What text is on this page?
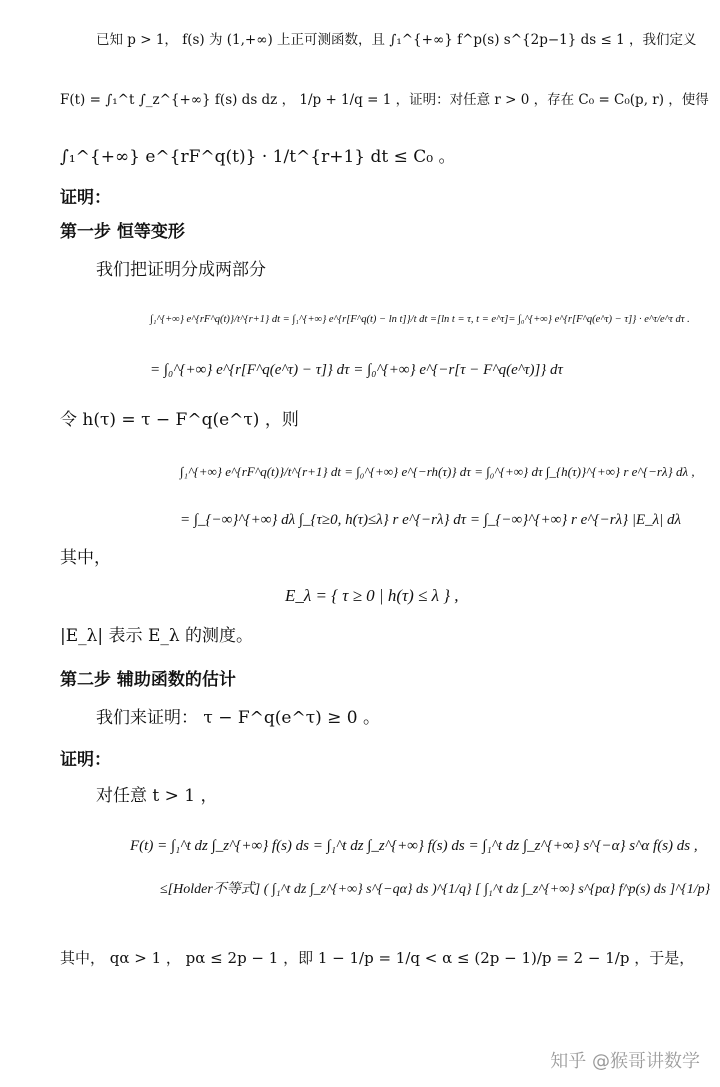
已知 p > 1， f(s) 为 (1,+∞) 上正可测函数，且 ∫₁^{+∞} f^p(s) s^{2p−1} ds ≤ 1 ，我们定义
F(t) = ∫₁^t ∫_z^{+∞} f(s) ds dz ， 1/p + 1/q = 1 ，证明：对任意 r > 0 ，存在 C₀ = C₀(p, r) ，使得
∫₁^{+∞} e^{rF^q(t)} · 1/t^{r+1} dt ≤ C₀ 。
证明：
第一步 恒等变形
我们把证明分成两部分
∫₁^{+∞} e^{rF^q(t)}/t^{r+1} dt = ∫₁^{+∞} e^{r[F^q(t) − ln t]}/t dt =[ln t = τ, t = e^τ]= ∫₀^{+∞} e^{r[F^q(e^τ) − τ]} · e^τ/e^τ dτ .
= ∫₀^{+∞} e^{r[F^q(e^τ) − τ]} dτ = ∫₀^{+∞} e^{−r[τ − F^q(e^τ)]} dτ
令 h(τ) = τ − F^q(e^τ) ，则
∫₁^{+∞} e^{rF^q(t)}/t^{r+1} dt = ∫₀^{+∞} e^{−rh(τ)} dτ = ∫₀^{+∞} dτ ∫_{h(τ)}^{+∞} r e^{−rλ} dλ ,
= ∫_{−∞}^{+∞} dλ ∫_{τ≥0, h(τ)≤λ} r e^{−rλ} dτ = ∫_{−∞}^{+∞} r e^{−rλ} |E_λ| dλ
其中，
E_λ = { τ ≥ 0 | h(τ) ≤ λ } ,
|E_λ| 表示 E_λ 的测度。
第二步 辅助函数的估计
我们来证明： τ − F^q(e^τ) ≥ 0 。
证明：
对任意 t > 1 ，
F(t) = ∫₁^t dz ∫_z^{+∞} f(s) ds = ∫₁^t dz ∫_z^{+∞} f(s) ds = ∫₁^t dz ∫_z^{+∞} s^{−α} s^α f(s) ds ,
≤[Holder不等式] ( ∫₁^t dz ∫_z^{+∞} s^{−qα} ds )^{1/q} [ ∫₁^t dz ∫_z^{+∞} s^{pα} f^p(s) ds ]^{1/p}
其中， qα > 1 ， pα ≤ 2p − 1 ，即 1 − 1/p = 1/q < α ≤ (2p − 1)/p = 2 − 1/p ，于是，
知乎 @猴哥讲数学
